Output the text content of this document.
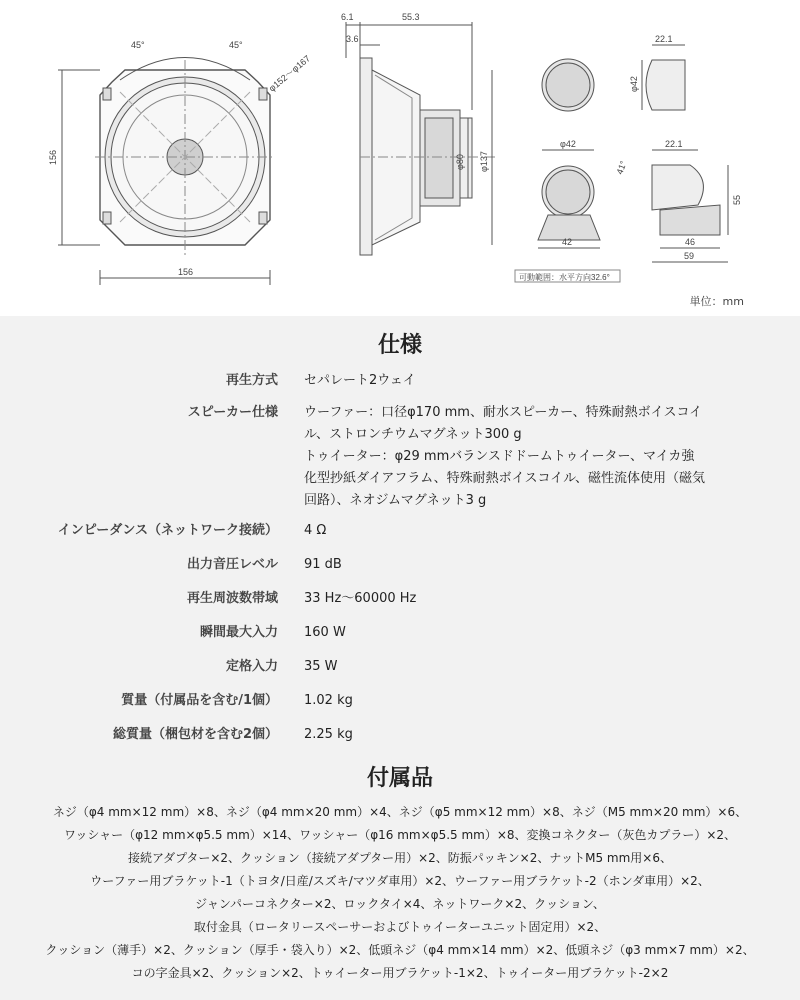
45°	45°
φ152～φ167
156
156
6.1	55.3
3.6
φ80 φ137
22.1
φ42
φ42
42
41°
22.1
55
46
59
可動範囲：水平方向32.6°
単位：mm
仕様
再生方式 セパレート2ウェイ
スピーカー仕様 ウーファー：口径φ170 mm、耐水スピーカー、特殊耐熱ボイスコイ
ル、ストロンチウムマグネット300 g
トゥイーター：φ29 mmバランスドドームトゥイーター、マイカ強
化型抄紙ダイアフラム、特殊耐熱ボイスコイル、磁性流体使用（磁気
回路）、ネオジムマグネット3 g
インピーダンス（ネットワーク接続） 4 Ω
出力音圧レベル 91 dB
再生周波数帯域 33 Hz～60000 Hz
瞬間最大入力 160 W
定格入力 35 W
質量（付属品を含む/1個） 1.02 kg
総質量（梱包材を含む2個） 2.25 kg
付属品
ネジ（φ4 mm×12 mm）×8、ネジ（φ4 mm×20 mm）×4、ネジ（φ5 mm×12 mm）×8、ネジ（M5 mm×20 mm）×6、
ワッシャー（φ12 mm×φ5.5 mm）×14、ワッシャー（φ16 mm×φ5.5 mm）×8、変換コネクター（灰色カプラー）×2、
接続アダプター×2、クッション（接続アダプター用）×2、防振パッキン×2、ナットM5 mm用×6、
ウーファー用ブラケット-1（トヨタ/日産/スズキ/マツダ車用）×2、ウーファー用ブラケット-2（ホンダ車用）×2、
ジャンパーコネクター×2、ロックタイ×4、ネットワーク×2、クッション、
取付金具（ロータリースペーサーおよびトゥイーターユニット固定用）×2、
クッション（薄手）×2、クッション（厚手・袋入り）×2、低頭ネジ（φ4 mm×14 mm）×2、低頭ネジ（φ3 mm×7 mm）×2、
コの字金具×2、クッション×2、トゥイーター用ブラケット-1×2、トゥイーター用ブラケット-2×2
